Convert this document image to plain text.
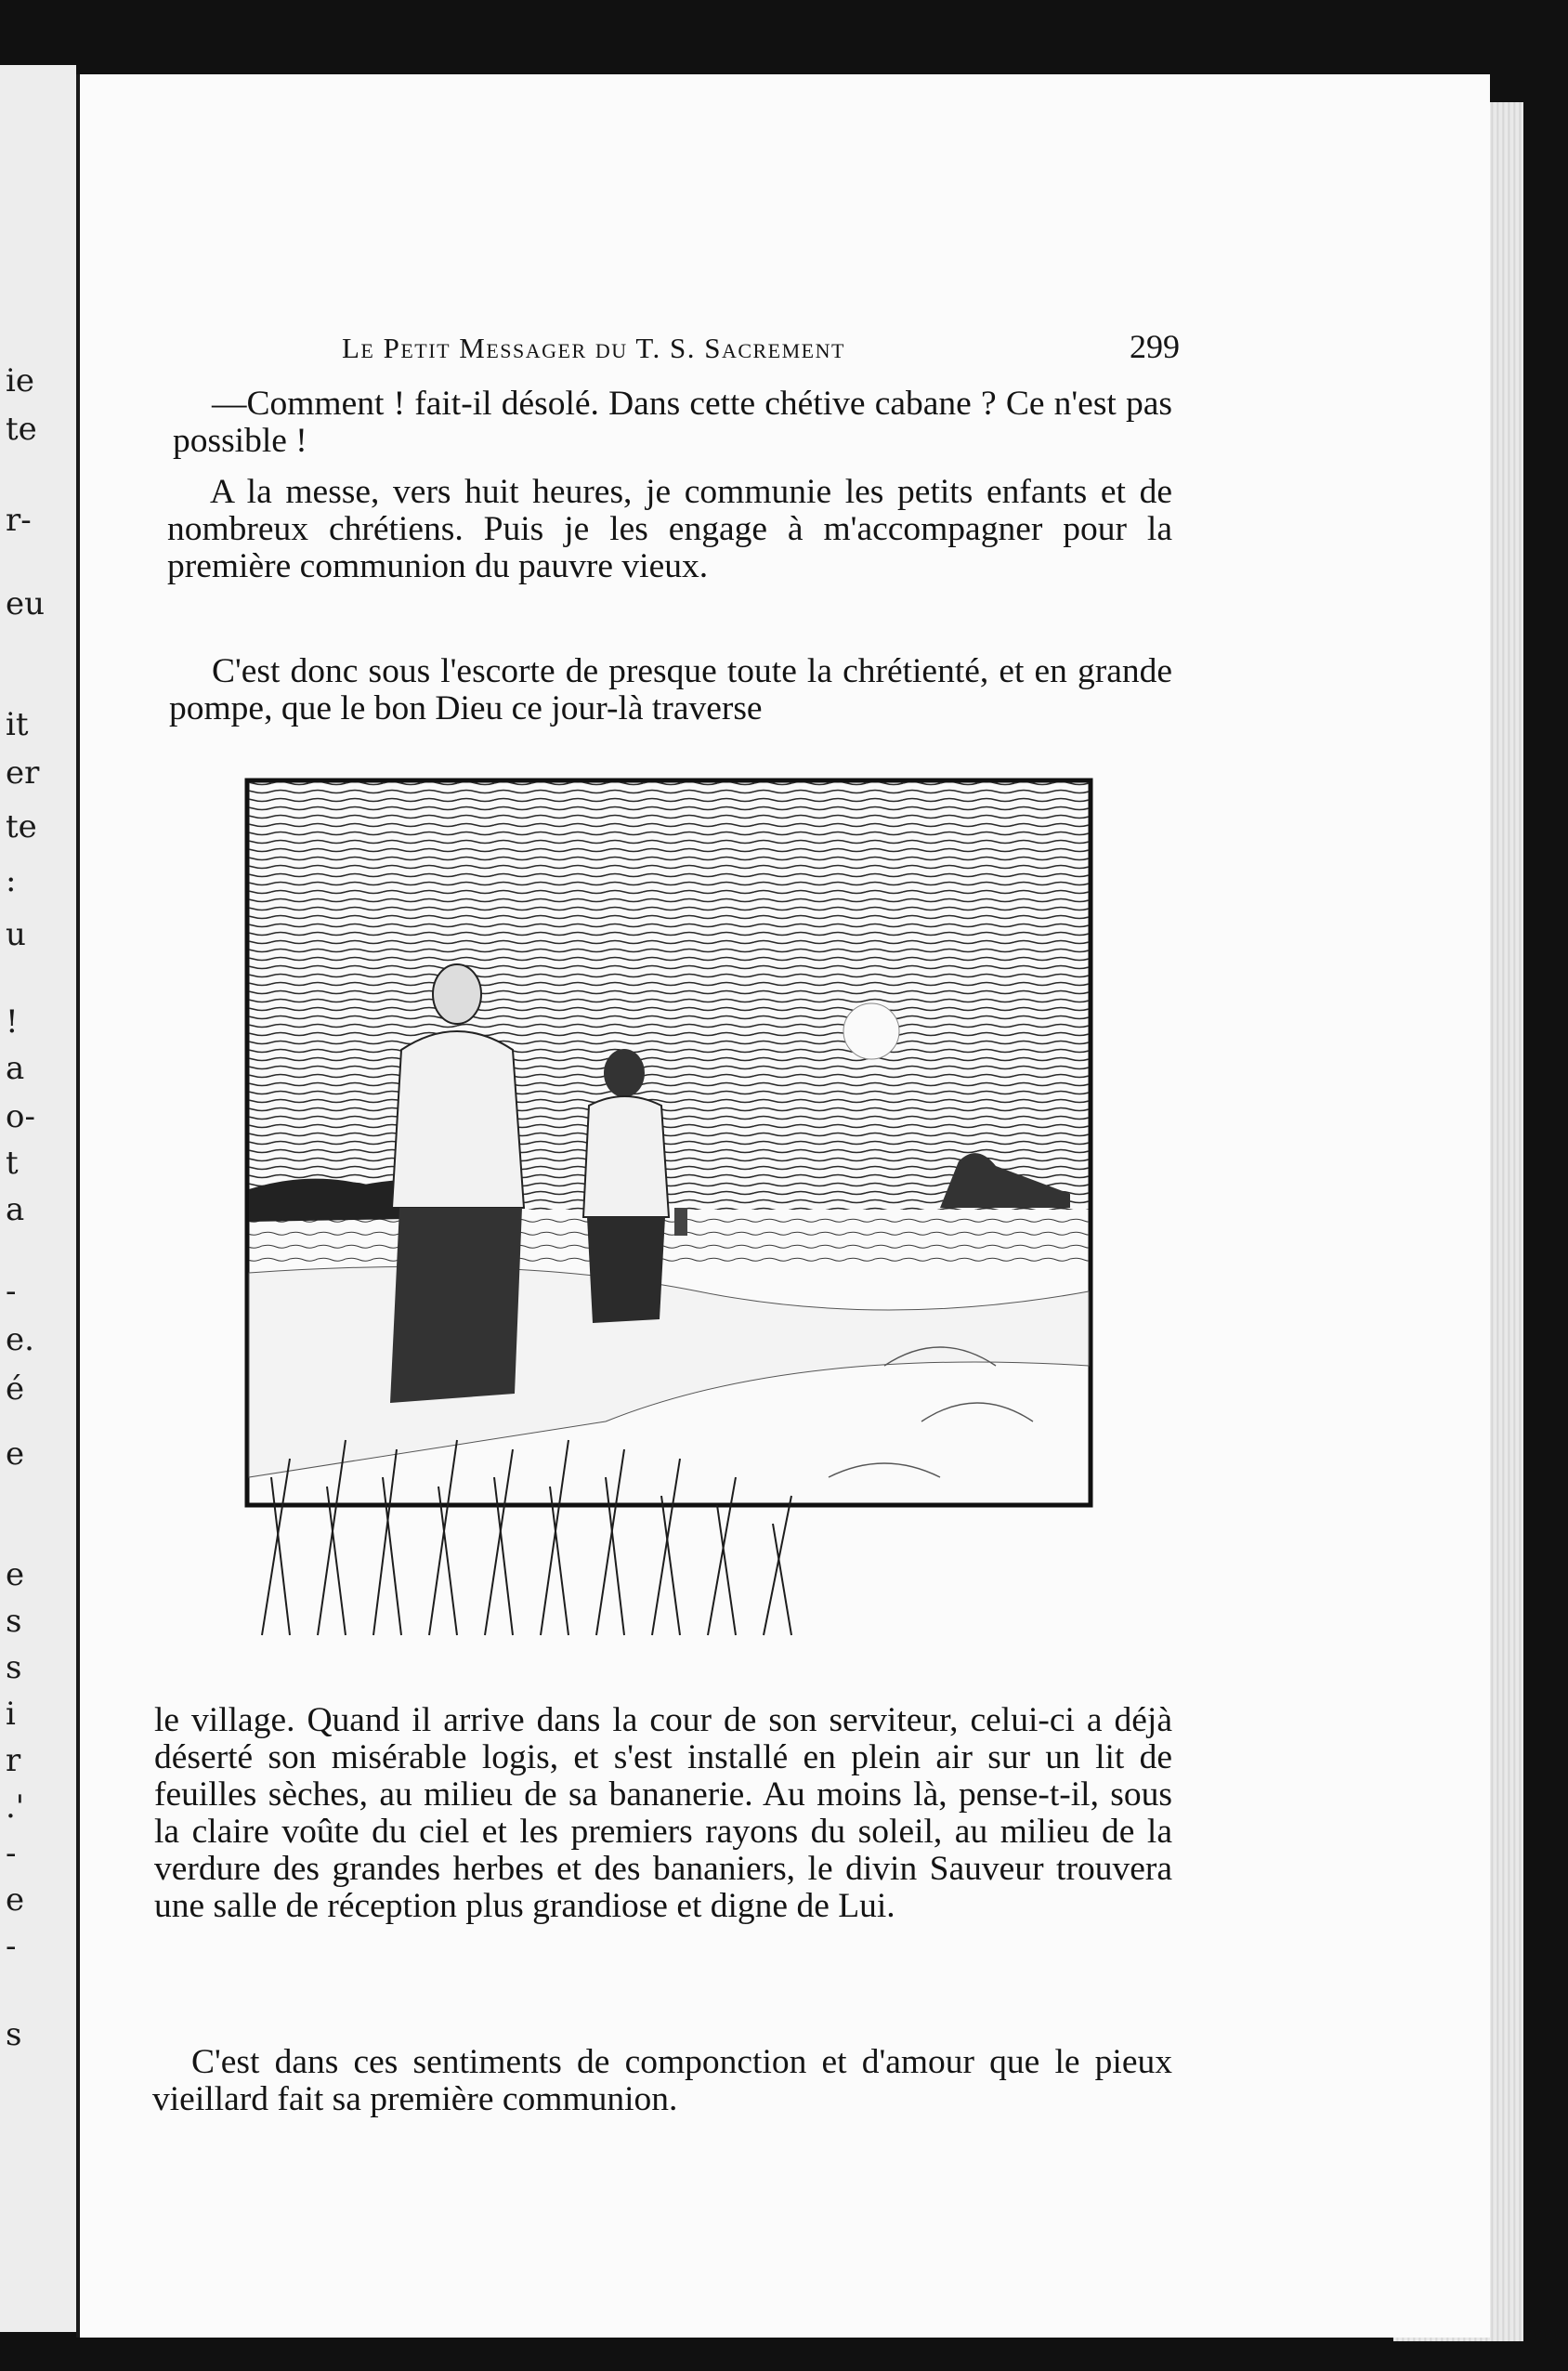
ie
te
r-
eu
it
er
te
:
u
!
a
o-
t
a
-
e.
é
e
e
s
s
i
r
.'
-
e
-
s
Le Petit Messager du T. S. Sacrement	299

—Comment ! fait-il désolé. Dans cette chétive cabane ? Ce n'est pas possible !

A la messe, vers huit heures, je communie les petits enfants et de nombreux chrétiens. Puis je les engage à m'accompagner pour la première communion du pauvre vieux.

C'est donc sous l'escorte de presque toute la chrétienté, et en grande pompe, que le bon Dieu ce jour-là traverse

le village. Quand il arrive dans la cour de son serviteur, celui-ci a déjà déserté son misérable logis, et s'est installé en plein air sur un lit de feuilles sèches, au milieu de sa bananerie. Au moins là, pense-t-il, sous la claire voûte du ciel et les premiers rayons du soleil, au milieu de la verdure des grandes herbes et des bananiers, le divin Sauveur trouvera une salle de réception plus grandiose et digne de Lui.

C'est dans ces sentiments de componction et d'amour que le pieux vieillard fait sa première communion.
